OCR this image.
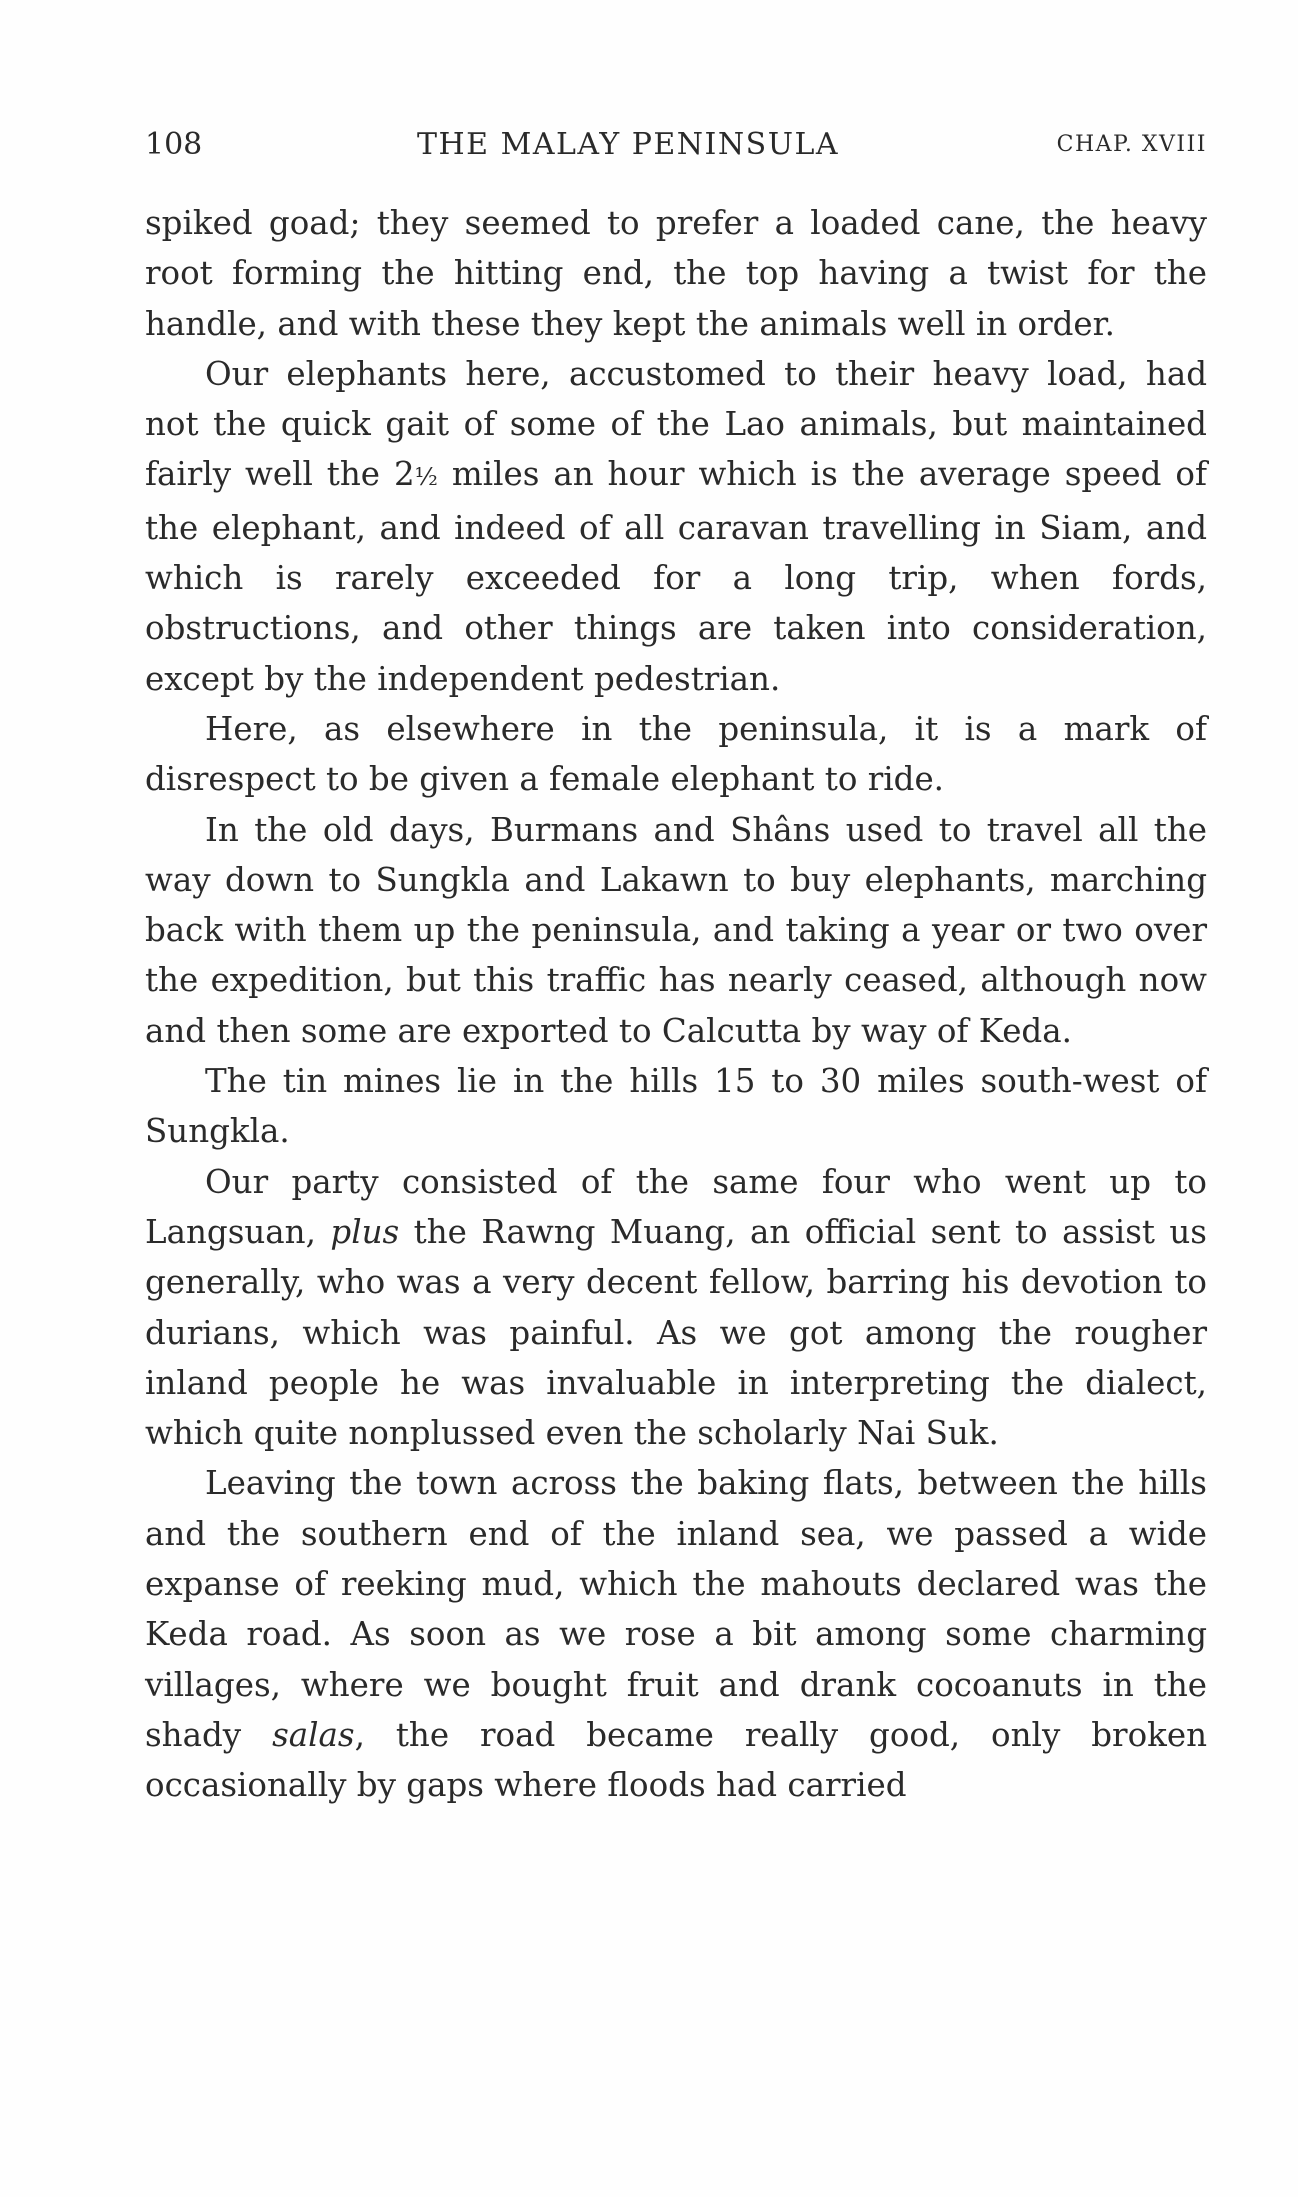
108	THE MALAY PENINSULA	CHAP. XVIII

spiked goad; they seemed to prefer a loaded cane, the heavy root forming the hitting end, the top having a twist for the handle, and with these they kept the animals well in order.

Our elephants here, accustomed to their heavy load, had not the quick gait of some of the Lao animals, but maintained fairly well the 2½ miles an hour which is the average speed of the elephant, and indeed of all caravan travelling in Siam, and which is rarely exceeded for a long trip, when fords, obstructions, and other things are taken into consideration, except by the independent pedestrian.

Here, as elsewhere in the peninsula, it is a mark of disrespect to be given a female elephant to ride.

In the old days, Burmans and Shâns used to travel all the way down to Sungkla and Lakawn to buy elephants, marching back with them up the peninsula, and taking a year or two over the expedition, but this traffic has nearly ceased, although now and then some are exported to Calcutta by way of Keda.

The tin mines lie in the hills 15 to 30 miles south-west of Sungkla.

Our party consisted of the same four who went up to Langsuan, plus the Rawng Muang, an official sent to assist us generally, who was a very decent fellow, barring his devotion to durians, which was painful. As we got among the rougher inland people he was invaluable in interpreting the dialect, which quite nonplussed even the scholarly Nai Suk.

Leaving the town across the baking flats, between the hills and the southern end of the inland sea, we passed a wide expanse of reeking mud, which the mahouts declared was the Keda road. As soon as we rose a bit among some charming villages, where we bought fruit and drank cocoanuts in the shady salas, the road became really good, only broken occasionally by gaps where floods had carried
